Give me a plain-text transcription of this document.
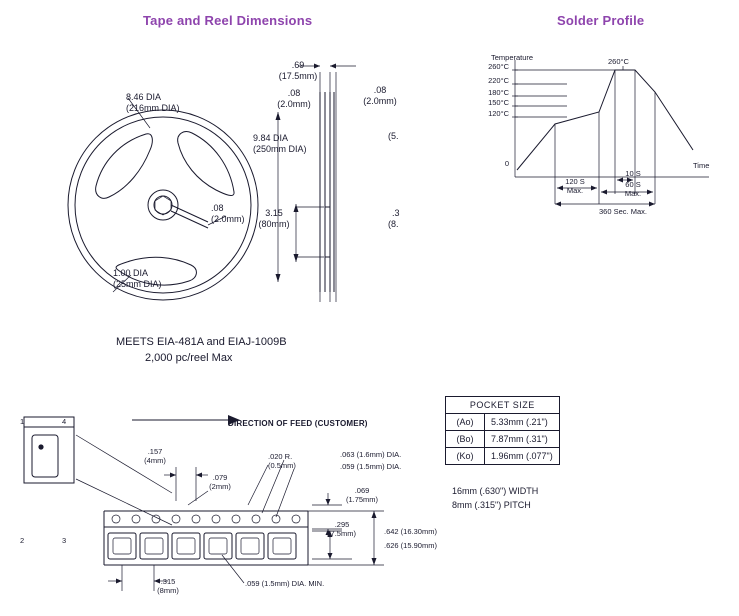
Tape and Reel Dimensions	Solder Profile
8.46 DIA
(216mm DIA)
1.00 DIA
(25mm DIA)
.08
(2.0mm)
9.84 DIA
(250mm DIA)
.69
(17.5mm)
.08
(2.0mm)
.08
(2.0mm)
3.15
(80mm)
(5.
.3
(8.
MEETS EIA-481A and EIAJ-1009B
2,000 pc/reel Max
Temperature
260°C
220°C
180°C
150°C
120°C
0
260°C
Time
120 S
Max.
10 S
60 S
Max.
360 Sec. Max.
1	4
2	3
DIRECTION OF FEED (CUSTOMER)
.157
(4mm)
.079
(2mm)
.020 R.
(0.5mm)
.063 (1.6mm) DIA.
.059 (1.5mm) DIA.
.069
(1.75mm)
.295
(7.5mm)	.642 (16.30mm)
.626 (15.90mm)
.315
(8mm)
.059 (1.5mm) DIA. MIN.
POCKET SIZE	
(Ao)	5.33mm (.21")
(Bo)	7.87mm (.31")
(Ko)	1.96mm (.077")
16mm (.630") WIDTH
8mm (.315") PITCH
